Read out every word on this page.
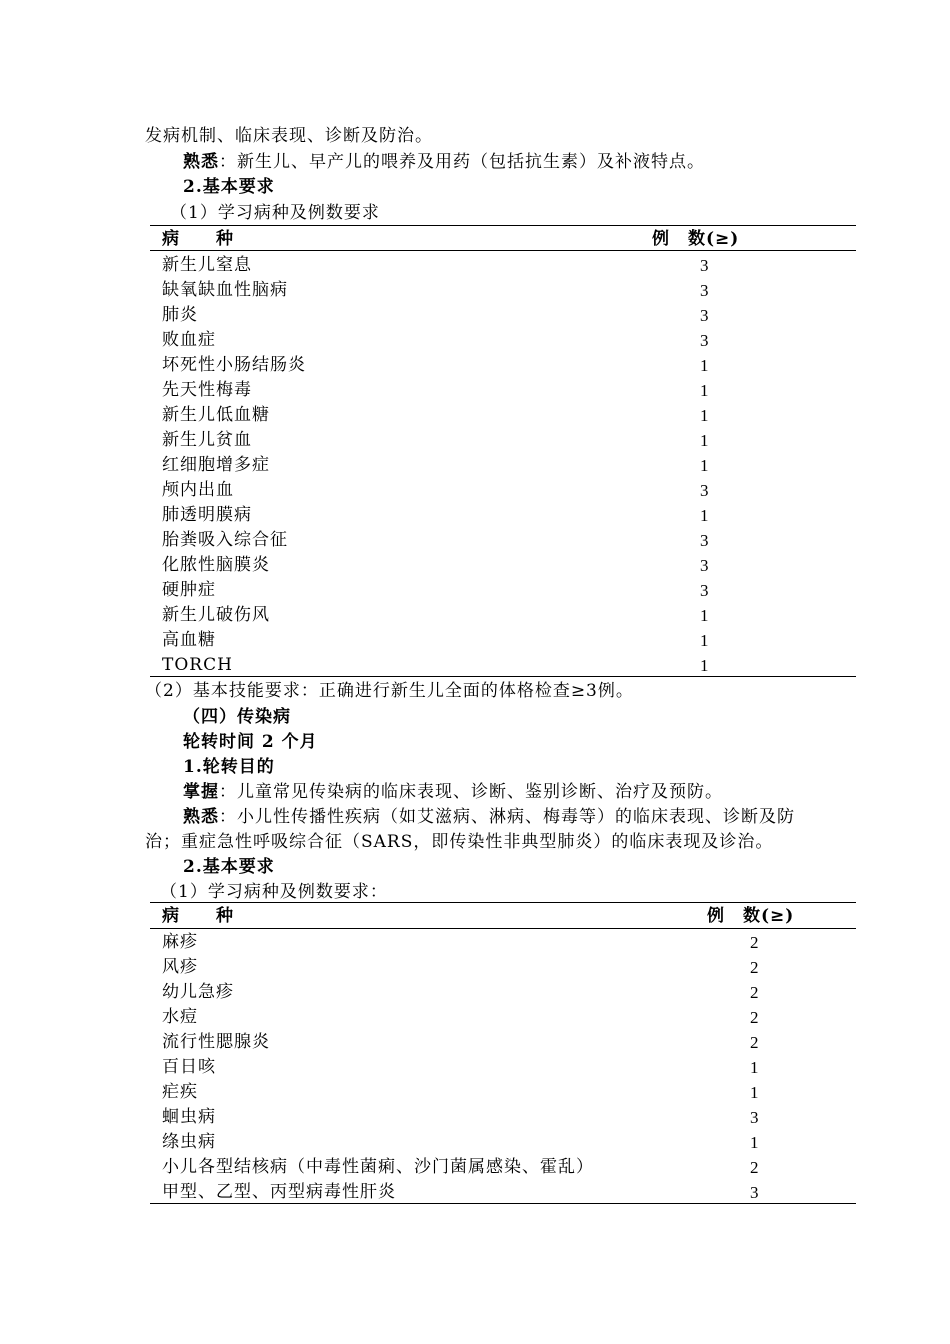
发病机制、临床表现、诊断及防治。
熟悉：新生儿、早产儿的喂养及用药（包括抗生素）及补液特点。
2.基本要求
（1）学习病种及例数要求
病　　种	例　数(≥)
新生儿窒息	3
缺氧缺血性脑病	3
肺炎	3
败血症	3
坏死性小肠结肠炎	1
先天性梅毒	1
新生儿低血糖	1
新生儿贫血	1
红细胞增多症	1
颅内出血	3
肺透明膜病	1
胎粪吸入综合征	3
化脓性脑膜炎	3
硬肿症	3
新生儿破伤风	1
高血糖	1
TORCH	1
（2）基本技能要求：正确进行新生儿全面的体格检查≥3例。
（四）传染病
轮转时间 2 个月
1.轮转目的
掌握：儿童常见传染病的临床表现、诊断、鉴别诊断、治疗及预防。
熟悉：小儿性传播性疾病（如艾滋病、淋病、梅毒等）的临床表现、诊断及防
治；重症急性呼吸综合征（SARS，即传染性非典型肺炎）的临床表现及诊治。
2.基本要求
（1）学习病种及例数要求：
病　　种	例　数(≥)
麻疹	2
风疹	2
幼儿急疹	2
水痘	2
流行性腮腺炎	2
百日咳	1
疟疾	1
蛔虫病	3
绦虫病	1
小儿各型结核病（中毒性菌痢、沙门菌属感染、霍乱）	2
甲型、乙型、丙型病毒性肝炎	3
